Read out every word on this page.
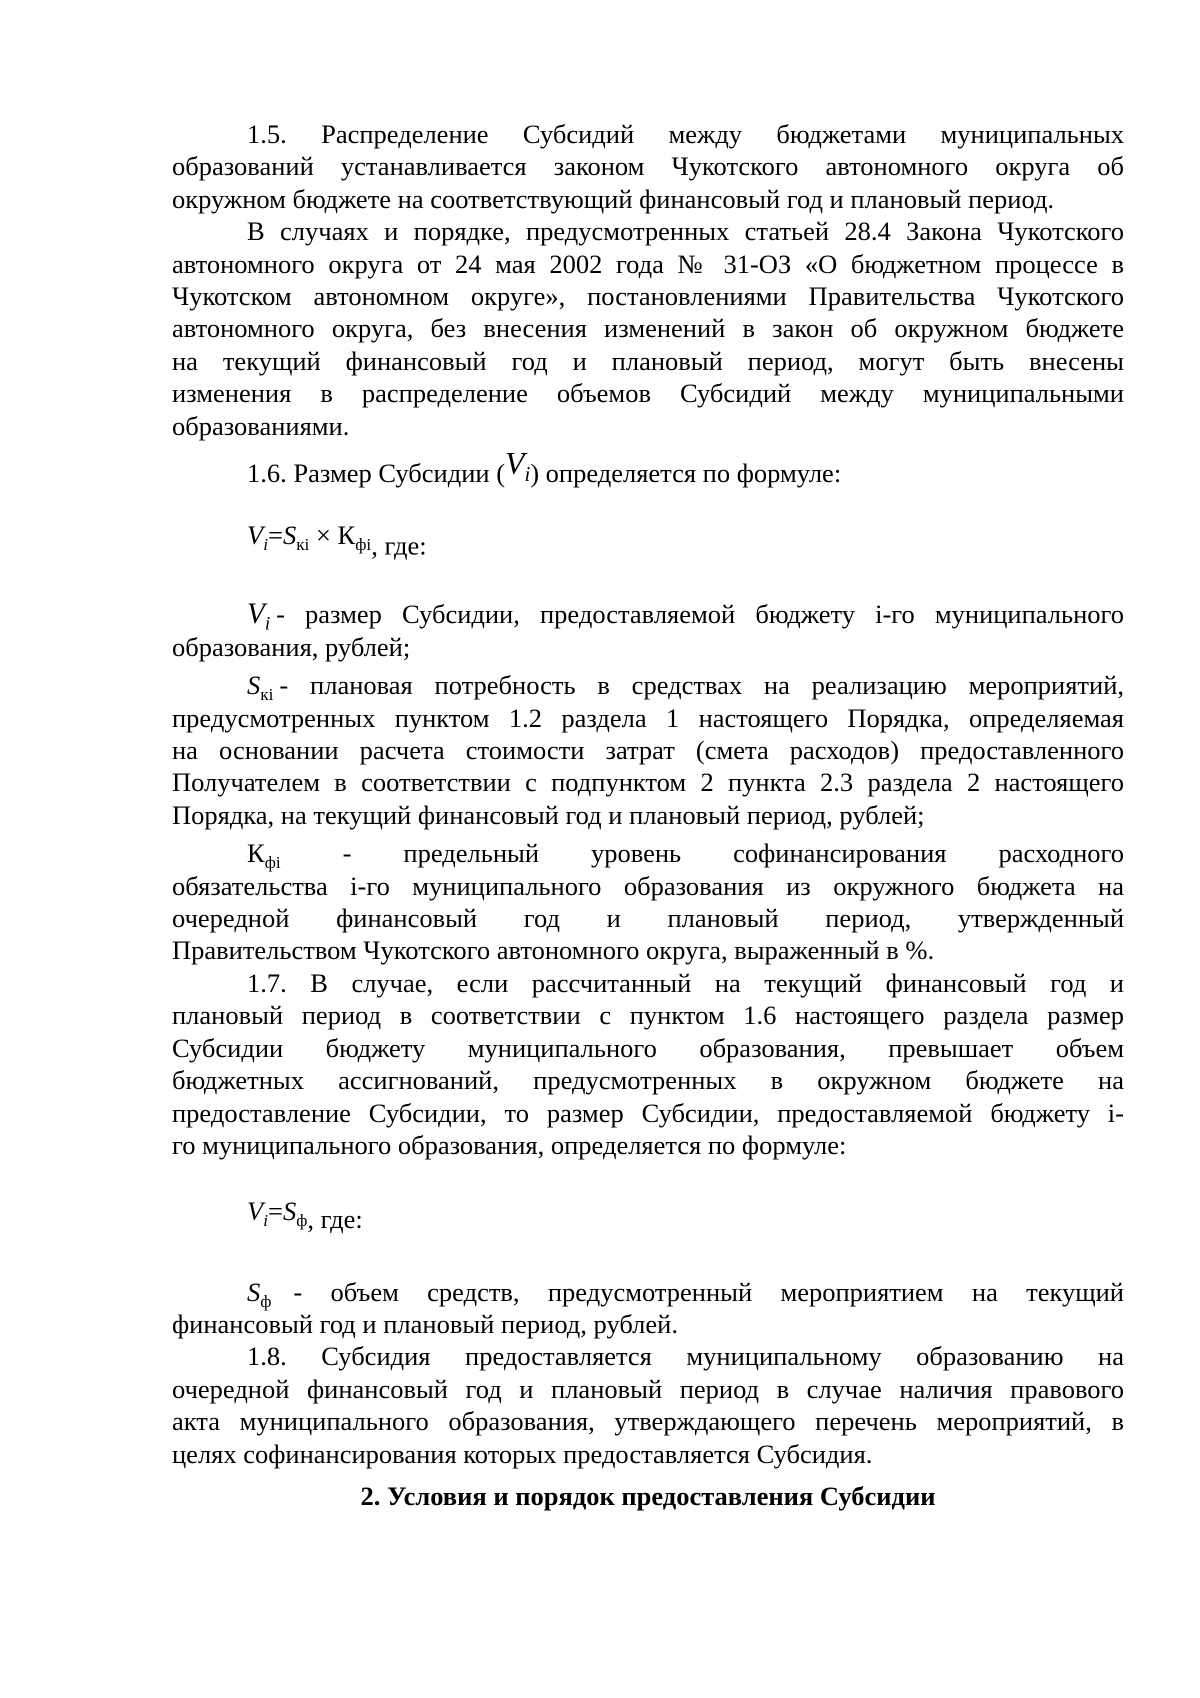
1.5. Распределение Субсидий между бюджетами муниципальных

образований устанавливается законом Чукотского автономного округа об

окружном бюджете на соответствующий финансовый год и плановый период.

В случаях и порядке, предусмотренных статьей 28.4 Закона Чукотского

автономного округа от 24 мая 2002 года № 31-ОЗ «О бюджетном процессе в

Чукотском автономном округе», постановлениями Правительства Чукотского

автономного округа, без внесения изменений в закон об окружном бюджете

на текущий финансовый год и плановый период, могут быть внесены

изменения в распределение объемов Субсидий между муниципальными

образованиями.

1.6. Размер Субсидии $(V_i)$ определяется по формуле:

$V_i=S_{кi} \times К_{фi}$, где:

$V_i$ - размер Субсидии, предоставляемой бюджету i-го муниципального

образования, рублей;

$S_{кi}$ - плановая потребность в средствах на реализацию мероприятий,

предусмотренных пунктом 1.2 раздела 1 настоящего Порядка, определяемая

на основании расчета стоимости затрат (смета расходов) предоставленного

Получателем в соответствии с подпунктом 2 пункта 2.3 раздела 2 настоящего

Порядка, на текущий финансовый год и плановый период, рублей;

$К_{фi}$ - предельный уровень софинансирования расходного

обязательства i-го муниципального образования из окружного бюджета на

очередной финансовый год и плановый период, утвержденный

Правительством Чукотского автономного округа, выраженный в %.

1.7. В случае, если рассчитанный на текущий финансовый год и

плановый период в соответствии с пунктом 1.6 настоящего раздела размер

Субсидии бюджету муниципального образования, превышает объем

бюджетных ассигнований, предусмотренных в окружном бюджете на

предоставление Субсидии, то размер Субсидии, предоставляемой бюджету i-

го муниципального образования, определяется по формуле:

$V_i=S_ф$, где:

$S_ф$ - объем средств, предусмотренный мероприятием на текущий

финансовый год и плановый период, рублей.

1.8. Субсидия предоставляется муниципальному образованию на

очередной финансовый год и плановый период в случае наличия правового

акта муниципального образования, утверждающего перечень мероприятий, в

целях софинансирования которых предоставляется Субсидия.

2. Условия и порядок предоставления Субсидии
